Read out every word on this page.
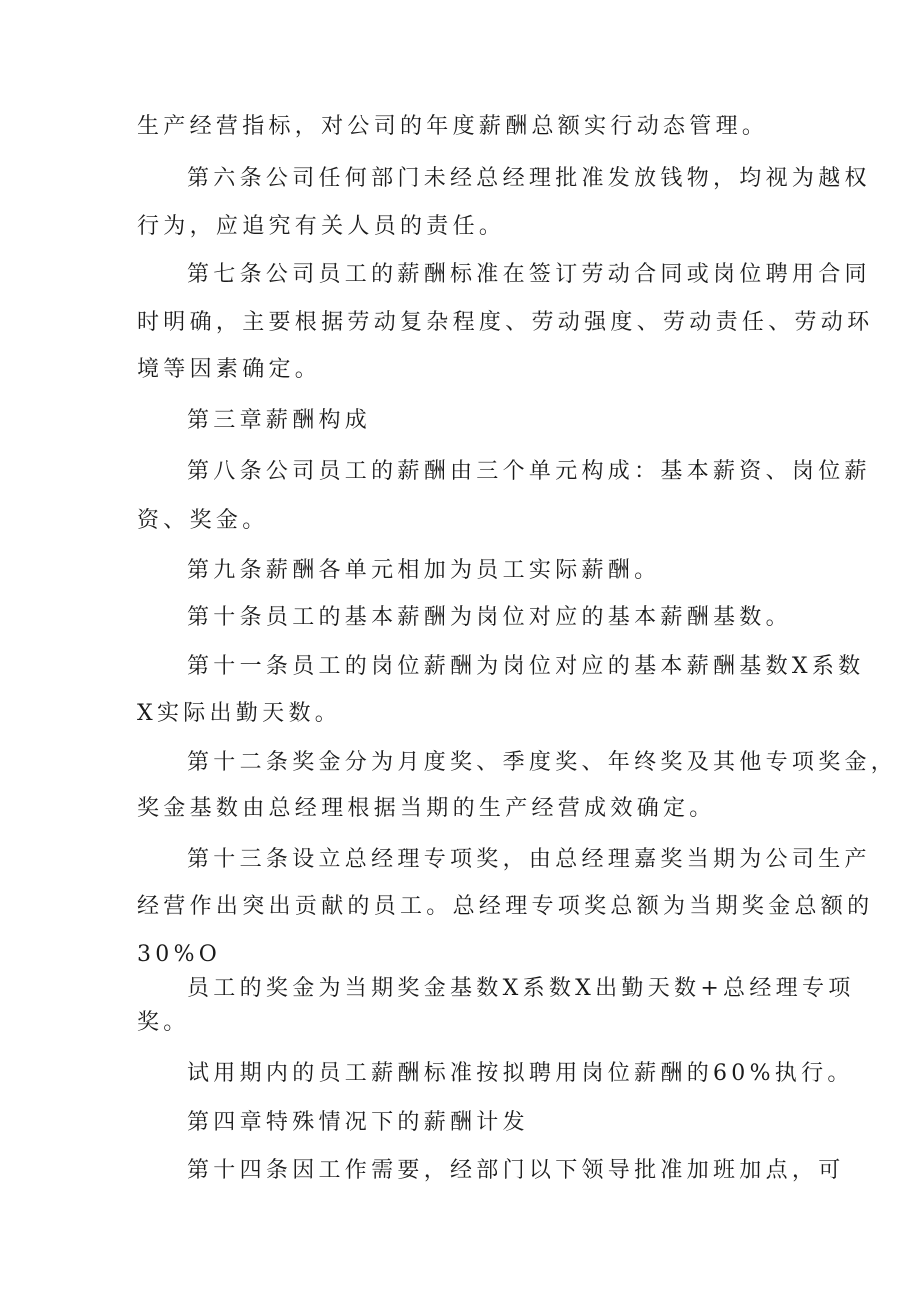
生产经营指标，对公司的年度薪酬总额实行动态管理。
第六条公司任何部门未经总经理批准发放钱物，均视为越权
行为，应追究有关人员的责任。
第七条公司员工的薪酬标准在签订劳动合同或岗位聘用合同
时明确，主要根据劳动复杂程度、劳动强度、劳动责任、劳动环
境等因素确定。
第三章薪酬构成
第八条公司员工的薪酬由三个单元构成：基本薪资、岗位薪
资、奖金。
第九条薪酬各单元相加为员工实际薪酬。
第十条员工的基本薪酬为岗位对应的基本薪酬基数。
第十一条员工的岗位薪酬为岗位对应的基本薪酬基数X系数
X实际出勤天数。
第十二条奖金分为月度奖、季度奖、年终奖及其他专项奖金，
奖金基数由总经理根据当期的生产经营成效确定。
第十三条设立总经理专项奖，由总经理嘉奖当期为公司生产
经营作出突出贡献的员工。总经理专项奖总额为当期奖金总额的
30%O
员工的奖金为当期奖金基数X系数X出勤天数+总经理专项
奖。
试用期内的员工薪酬标准按拟聘用岗位薪酬的60%执行。
第四章特殊情况下的薪酬计发
第十四条因工作需要，经部门以下领导批准加班加点，可
